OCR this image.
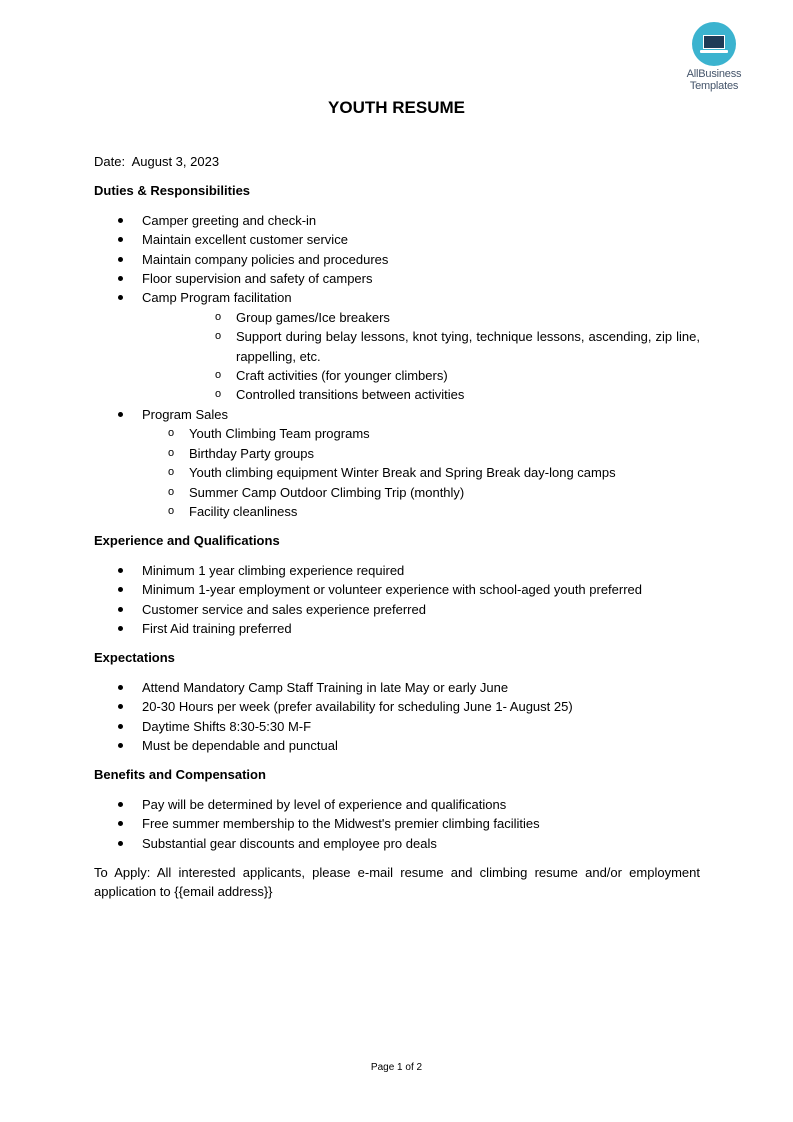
AllBusiness
Templates
YOUTH RESUME

Date: August 3, 2023

Duties & Responsibilities

Camper greeting and check-in
Maintain excellent customer service
Maintain company policies and procedures
Floor supervision and safety of campers
Camp Program facilitation
o Group games/Ice breakers
o Support during belay lessons, knot tying, technique lessons, ascending, zip line, rappelling, etc.
o Craft activities (for younger climbers)
o Controlled transitions between activities
Program Sales
o Youth Climbing Team programs
o Birthday Party groups
o Youth climbing equipment Winter Break and Spring Break day-long camps
o Summer Camp Outdoor Climbing Trip (monthly)
o Facility cleanliness

Experience and Qualifications

Minimum 1 year climbing experience required
Minimum 1-year employment or volunteer experience with school-aged youth preferred
Customer service and sales experience preferred
First Aid training preferred

Expectations

Attend Mandatory Camp Staff Training in late May or early June
20-30 Hours per week (prefer availability for scheduling June 1- August 25)
Daytime Shifts 8:30-5:30 M-F
Must be dependable and punctual

Benefits and Compensation

Pay will be determined by level of experience and qualifications
Free summer membership to the Midwest's premier climbing facilities
Substantial gear discounts and employee pro deals

To Apply: All interested applicants, please e-mail resume and climbing resume and/or employment application to {{email address}}

Page 1 of 2
